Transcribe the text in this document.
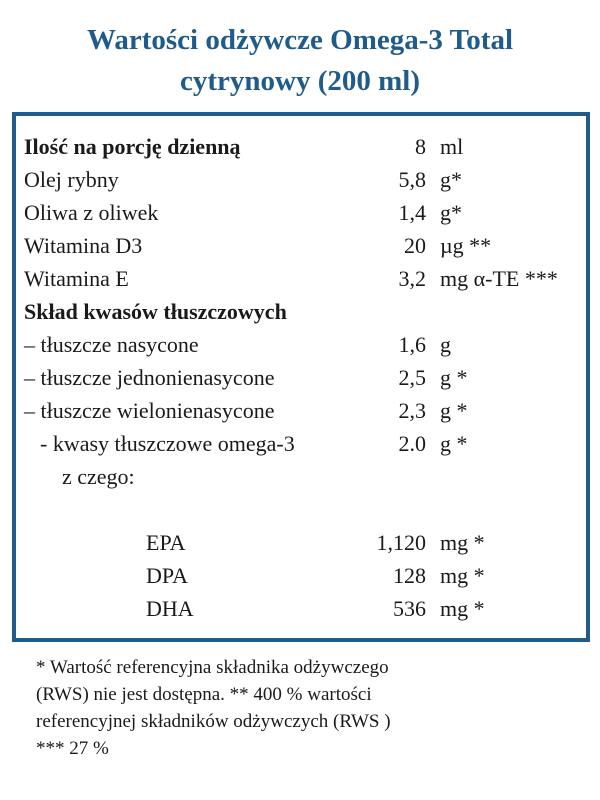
Wartości odżywcze Omega-3 Total
cytrynowy (200 ml)
Ilość na porcję dzienną	8 ml
Olej rybny	5,8 g*
Oliwa z oliwek	1,4 g*
Witamina D3	20 µg **
Witamina E	3,2 mg α-TE ***
Skład kwasów tłuszczowych
– tłuszcze nasycone	1,6 g
– tłuszcze jednonienasycone	2,5 g *
– tłuszcze wielonienasycone	2,3 g *
- kwasy tłuszczowe omega-3	2.0 g *
z czego:
EPA	1,120 mg *
DPA	128 mg *
DHA	536 mg *
* Wartość referencyjna składnika odżywczego
(RWS) nie jest dostępna. ** 400 % wartości
referencyjnej składników odżywczych (RWS )
*** 27 %
